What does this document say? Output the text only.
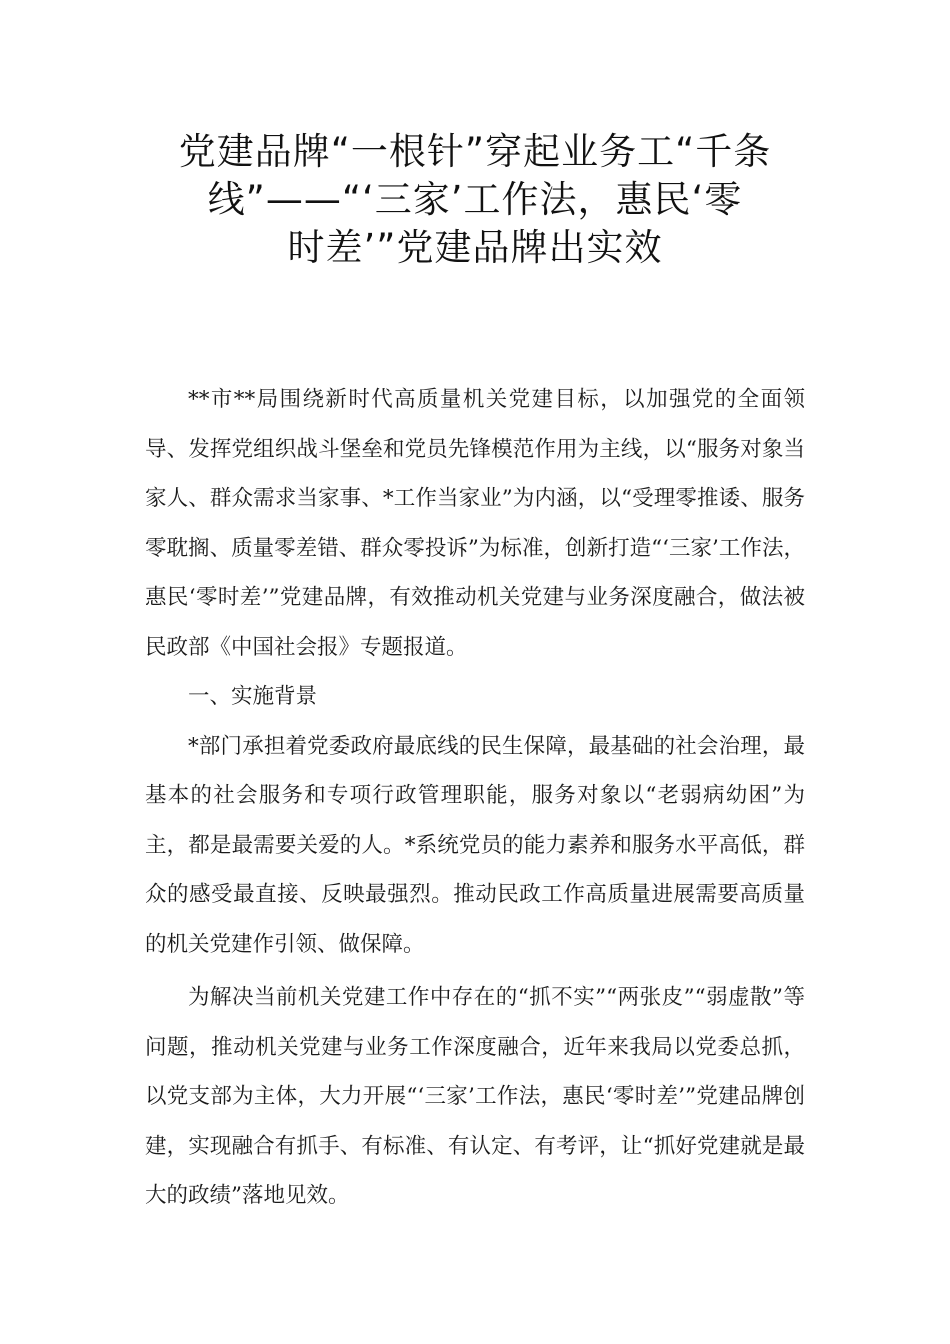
党建品牌“一根针”穿起业务工“千条
线”——“‘三家’工作法，惠民‘零
时差’”党建品牌出实效

**市**局围绕新时代高质量机关党建目标，以加强党的全面领导、发挥党组织战斗堡垒和党员先锋模范作用为主线，以“服务对象当家人、群众需求当家事、*工作当家业”为内涵，以“受理零推诿、服务零耽搁、质量零差错、群众零投诉”为标准，创新打造“‘三家’工作法，惠民‘零时差’”党建品牌，有效推动机关党建与业务深度融合，做法被民政部《中国社会报》专题报道。

一、实施背景

*部门承担着党委政府最底线的民生保障，最基础的社会治理，最基本的社会服务和专项行政管理职能，服务对象以“老弱病幼困”为主，都是最需要关爱的人。*系统党员的能力素养和服务水平高低，群众的感受最直接、反映最强烈。推动民政工作高质量进展需要高质量的机关党建作引领、做保障。

为解决当前机关党建工作中存在的“抓不实”“两张皮”“弱虚散”等问题，推动机关党建与业务工作深度融合，近年来我局以党委总抓，以党支部为主体，大力开展“‘三家’工作法，惠民‘零时差’”党建品牌创建，实现融合有抓手、有标准、有认定、有考评，让“抓好党建就是最大的政绩”落地见效。
